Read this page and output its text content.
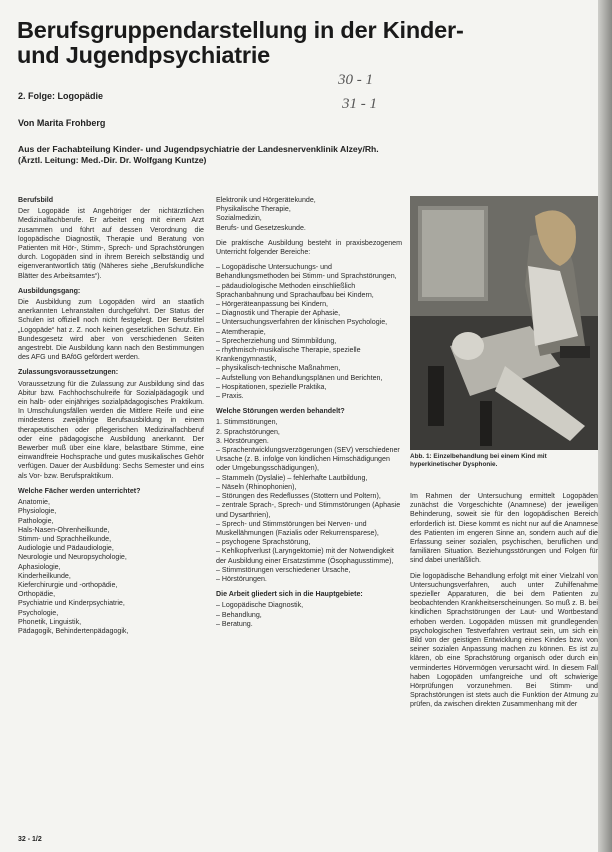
Berufsgruppendarstellung in der Kinder-
und Jugendpsychiatrie
30 - 1
31 - 1
2. Folge: Logopädie
Von Marita Frohberg
Aus der Fachabteilung Kinder- und Jugendpsychiatrie der Landesnervenklinik Alzey/Rh.
(Ärztl. Leitung: Med.-Dir. Dr. Wolfgang Kuntze)
Berufsbild

Der Logopäde ist Angehöriger der nichtärztlichen Medizinalfachberufe. Er arbeitet eng mit einem Arzt zusammen und führt auf dessen Verordnung die logopädische Diagnostik, Therapie und Beratung von Patienten mit Hör-, Stimm-, Sprech- und Sprachstörungen durch. Logopäden sind in ihrem Bereich selbständig und eigenverantwortlich tätig (Näheres siehe „Berufskundliche Blätter des Arbeitsamtes“).

Ausbildungsgang:

Die Ausbildung zum Logopäden wird an staatlich anerkannten Lehranstalten durchgeführt. Der Status der Schulen ist offiziell noch nicht festgelegt. Der Berufstitel „Logopäde“ hat z. Z. noch keinen gesetzlichen Schutz. Ein Bundesgesetz wird aber von verschiedenen Seiten angestrebt. Die Ausbildung kann nach den Bestimmungen des AFG und BAföG gefördert werden.

Zulassungsvoraussetzungen:

Voraussetzung für die Zulassung zur Ausbildung sind das Abitur bzw. Fachhochschulreife für Sozialpädagogik und ein halb- oder einjähriges sozialpädagogisches Praktikum. In Umschulungsfällen werden die Mittlere Reife und eine mindestens zweijährige Berufsausbildung in einem therapeutischen oder pflegerischen Medizinalfachberuf oder eine pädagogische Ausbildung anerkannt. Der Bewerber muß über eine klare, belastbare Stimme, eine einwandfreie Hochsprache und gutes musikalisches Gehör verfügen. Dauer der Ausbildung: Sechs Semester und eins als Vor- bzw. Berufspraktikum.

Welche Fächer werden unterrichtet?
Anatomie,
Physiologie,
Pathologie,
Hals-Nasen-Ohrenheilkunde,
Stimm- und Sprachheilkunde,
Audiologie und Pädaudiologie,
Neurologie und Neuropsychologie,
Aphasiologie,
Kinderheilkunde,
Kieferchirurgie und -orthopädie,
Orthopädie,
Psychiatrie und Kinderpsychiatrie,
Psychologie,
Phonetik, Linguistik,
Pädagogik, Behindertenpädagogik,
Elektronik und Hörgerätekunde,
Physikalische Therapie,
Sozialmedizin,
Berufs- und Gesetzeskunde.

Die praktische Ausbildung besteht in praxisbezogenem Unterricht folgender Bereiche:

– Logopädische Untersuchungs- und Behandlungsmethoden bei Stimm- und Sprachstörungen,
– pädaudiologische Methoden einschließlich Sprachanbahnung und Sprachaufbau bei Kindern,
– Hörgeräteanpassung bei Kindern,
– Diagnostik und Therapie der Aphasie,
– Untersuchungsverfahren der klinischen Psychologie,
– Atemtherapie,
– Sprecherziehung und Stimmbildung,
– rhythmisch-musikalische Therapie, spezielle Krankengymnastik,
– physikalisch-technische Maßnahmen,
– Aufstellung von Behandlungsplänen und Berichten,
– Hospitationen, spezielle Praktika,
– Praxis.
Welche Störungen werden behandelt?
1. Stimmstörungen,
2. Sprachstörungen,
3. Hörstörungen.
– Sprachentwicklungsverzögerungen (SEV) verschiedener Ursache (z. B. infolge von kindlichen Hirnschädigungen oder Umgebungsschädigungen),
– Stammeln (Dyslalie) – fehlerhafte Lautbildung,
– Näseln (Rhinophonien),
– Störungen des Redeflusses (Stottern und Poltern),
– zentrale Sprach-, Sprech- und Stimmstörungen (Aphasie und Dysarthrien),
– Sprech- und Stimmstörungen bei Nerven- und Muskellähmungen (Fazialis oder Rekurrensparese),
– psychogene Sprachstörung,
– Kehlkopfverlust (Laryngektomie) mit der Notwendigkeit der Ausbildung einer Ersatzstimme (Ösophagusstimme),
– Stimmstörungen verschiedener Ursache,
– Hörstörungen.
Die Arbeit gliedert sich in die Hauptgebiete:
– Logopädische Diagnostik,
– Behandlung,
– Beratung.
Abb. 1: Einzelbehandlung bei einem Kind mit hyperkinetischer Dysphonie.

Im Rahmen der Untersuchung ermittelt Logopäden zunächst die Vorgeschichte (Anamnese) der jeweiligen Behinderung, soweit sie für den logopädischen Bereich erforderlich ist. Diese kommt es nicht nur auf die Anamnese des Patienten im engeren Sinne an, sondern auch auf die Erfassung seiner sozialen, psychischen, beruflichen und familiären Situation. Beziehungsstörungen und Folgen für sind dabei unerläßlich.

Die logopädische Behandlung erfolgt mit einer Vielzahl von Untersuchungsverfahren, auch unter Zuhilfenahme spezieller Apparaturen, die bei dem Patienten zu beobachtenden Krankheitserscheinungen. So muß z. B. bei kindlichen Sprachstörungen der Laut- und Wortbestand erhoben werden. Logopäden müssen mit grundlegenden psychologischen Testverfahren vertraut sein, um sich ein Bild von der geistigen Entwicklung eines Kindes bzw. von seiner sozialen Anpassung machen zu können. Es ist zu klären, ob eine Sprachstörung organisch oder durch ein vermindertes Hörvermögen verursacht wird. In diesem Fall haben Logopäden umfangreiche und oft schwierige Hörprüfungen vorzunehmen. Bei Stimm- und Sprachstörungen ist stets auch die Funktion der Atmung zu prüfen, da zwischen direkten Zusammenhang mit der

32 - 1/2
